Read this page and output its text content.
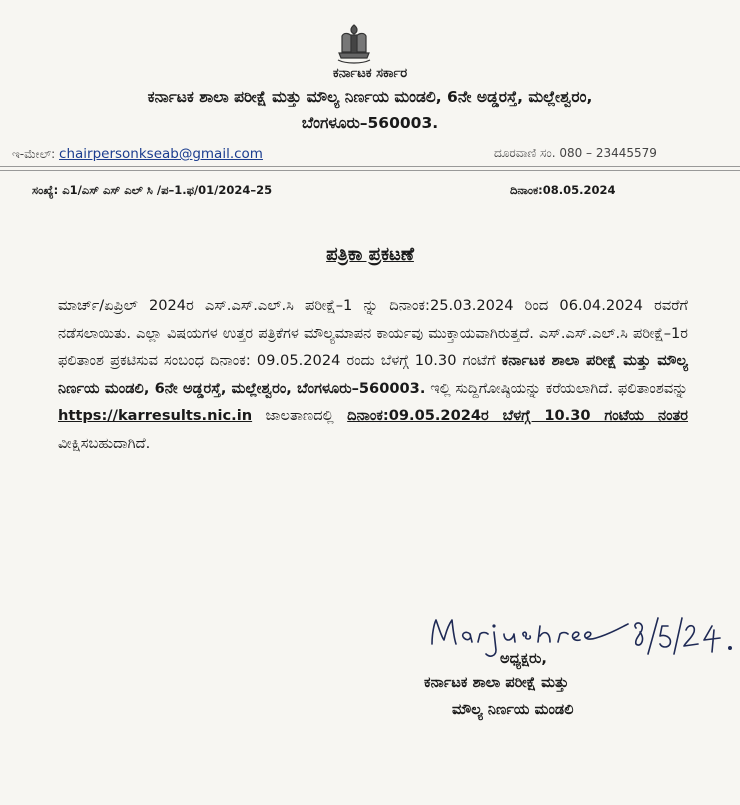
ಕರ್ನಾಟಕ ಸರ್ಕಾರ
ಕರ್ನಾಟಕ ಶಾಲಾ ಪರೀಕ್ಷೆ ಮತ್ತು ಮೌಲ್ಯ ನಿರ್ಣಯ ಮಂಡಲಿ, 6ನೇ ಅಡ್ಡರಸ್ತೆ, ಮಲ್ಲೇಶ್ವರಂ,
ಬೆಂಗಳೂರು–560003.
ಇ-ಮೇಲ್: chairpersonkseab@gmail.com	ದೂರವಾಣಿ ಸಂ. 080 – 23445579
ಸಂಖ್ಯೆ: ಎ1/ಎಸ್ ಎಸ್ ಎಲ್ ಸಿ /ಪ–1.ಫ/01/2024–25	ದಿನಾಂಕ:08.05.2024
ಪತ್ರಿಕಾ ಪ್ರಕಟಣೆ
ಮಾರ್ಚ್/ಏಪ್ರಿಲ್ 2024ರ ಎಸ್.ಎಸ್.ಎಲ್.ಸಿ ಪರೀಕ್ಷೆ–1 ನ್ನು ದಿನಾಂಕ:25.03.2024 ರಿಂದ 06.04.2024 ರವರೆಗೆ ನಡೆಸಲಾಯಿತು. ಎಲ್ಲಾ ವಿಷಯಗಳ ಉತ್ತರ ಪತ್ರಿಕೆಗಳ ಮೌಲ್ಯಮಾಪನ ಕಾರ್ಯವು ಮುಕ್ತಾಯವಾಗಿರುತ್ತದೆ. ಎಸ್.ಎಸ್.ಎಲ್.ಸಿ ಪರೀಕ್ಷೆ–1ರ ಫಲಿತಾಂಶ ಪ್ರಕಟಿಸುವ ಸಂಬಂಧ ದಿನಾಂಕ: 09.05.2024 ರಂದು ಬೆಳಗ್ಗೆ 10.30 ಗಂಟೆಗೆ ಕರ್ನಾಟಕ ಶಾಲಾ ಪರೀಕ್ಷೆ ಮತ್ತು ಮೌಲ್ಯ ನಿರ್ಣಯ ಮಂಡಲಿ, 6ನೇ ಅಡ್ಡರಸ್ತೆ, ಮಲ್ಲೇಶ್ವರಂ, ಬೆಂಗಳೂರು–560003. ಇಲ್ಲಿ ಸುದ್ದಿಗೋಷ್ಠಿಯನ್ನು ಕರೆಯಲಾಗಿದೆ. ಫಲಿತಾಂಶವನ್ನು https://karresults.nic.in ಜಾಲತಾಣದಲ್ಲಿ ದಿನಾಂಕ:09.05.2024ರ ಬೆಳಗ್ಗೆ 10.30 ಗಂಟೆಯ ನಂತರ ವೀಕ್ಷಿಸಬಹುದಾಗಿದೆ.
ಅಧ್ಯಕ್ಷರು,
ಕರ್ನಾಟಕ ಶಾಲಾ ಪರೀಕ್ಷೆ ಮತ್ತು
ಮೌಲ್ಯ ನಿರ್ಣಯ ಮಂಡಲಿ
